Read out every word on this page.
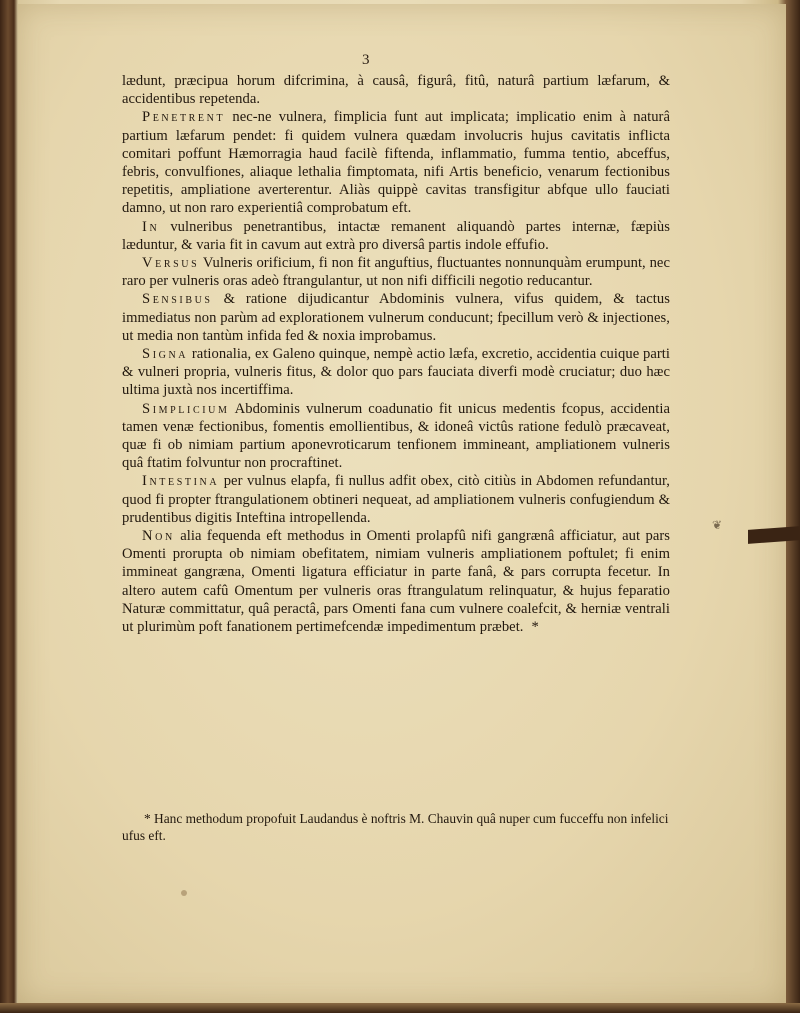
❦
3

lædunt, præcipua horum difcrimina, à causâ, figurâ, fitû, naturâ partium læfarum, & accidentibus repetenda.

Penetrent nec-ne vulnera, fimplicia funt aut implicata; implicatio enim à naturâ partium læfarum pendet: fi quidem vulnera quædam involucris hujus cavitatis inflicta comitari poffunt Hæmorragia haud facilè fiftenda, inflammatio, fumma tentio, abceffus, febris, convulfiones, aliaque lethalia fimptomata, nifi Artis beneficio, venarum fectionibus repetitis, ampliatione averterentur. Aliàs quippè cavitas transfigitur abfque ullo fauciati damno, ut non raro experientiâ comprobatum eft.

In vulneribus penetrantibus, intactæ remanent aliquandò partes internæ, fæpiùs læduntur, & varia fit in cavum aut extrà pro diversâ partis indole effufio.

Versus Vulneris orificium, fi non fit anguftius, fluctuantes nonnunquàm erumpunt, nec raro per vulneris oras adeò ftrangulantur, ut non nifi difficili negotio reducantur.

Sensibus & ratione dijudicantur Abdominis vulnera, vifus quidem, & tactus immediatus non parùm ad explorationem vulnerum conducunt; fpecillum verò & injectiones, ut media non tantùm infida fed & noxia improbamus.

Signa rationalia, ex Galeno quinque, nempè actio læfa, excretio, accidentia cuique parti & vulneri propria, vulneris fitus, & dolor quo pars fauciata diverfi modè cruciatur; duo hæc ultima juxtà nos incertiffima.

Simplicium Abdominis vulnerum coadunatio fit unicus medentis fcopus, accidentia tamen venæ fectionibus, fomentis emollientibus, & idoneâ victûs ratione fedulò præcaveat, quæ fi ob nimiam partium aponevroticarum tenfionem immineant, ampliationem vulneris quâ ftatim folvuntur non procraftinet.

Intestina per vulnus elapfa, fi nullus adfit obex, citò citiùs in Abdomen refundantur, quod fi propter ftrangulationem obtineri nequeat, ad ampliationem vulneris confugiendum & prudentibus digitis Inteftina intropellenda.

Non alia fequenda eft methodus in Omenti prolapfû nifi gangrænâ afficiatur, aut pars Omenti prorupta ob nimiam obefitatem, nimiam vulneris ampliationem poftulet; fi enim immineat gangræna, Omenti ligatura efficiatur in parte fanâ, & pars corrupta fecetur. In altero autem cafû Omentum per vulneris oras ftrangulatum relinquatur, & hujus feparatio Naturæ committatur, quâ peractâ, pars Omenti fana cum vulnere coalefcit, & herniæ ventrali ut plurimùm poft fanationem pertimefcendæ impedimentum præbet. *

* Hanc methodum propofuit Laudandus è noftris M. Chauvin quâ nuper cum fucceffu non infelici ufus eft.
